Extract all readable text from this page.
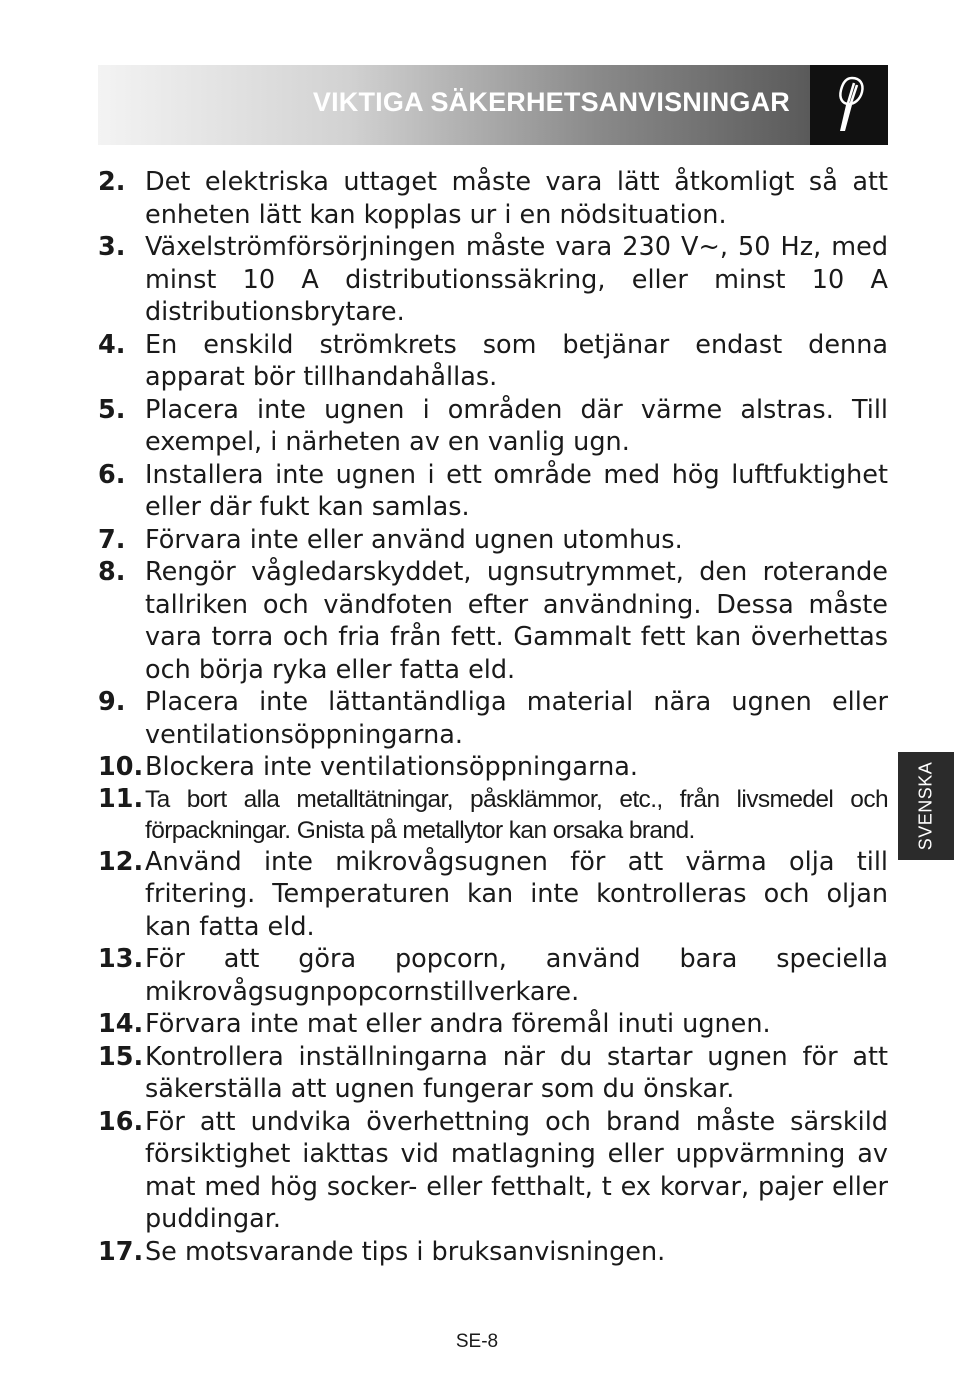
VIKTIGA SÄKERHETSANVISNINGAR
2. Det elektriska uttaget måste vara lätt åtkomligt så att enheten lätt kan kopplas ur i en nödsituation.
3. Växelströmförsörjningen måste vara 230 V~, 50 Hz, med minst 10 A distributionssäkring, eller minst 10 A distributionsbrytare.
4. En enskild strömkrets som betjänar endast denna apparat bör tillhandahållas.
5. Placera inte ugnen i områden där värme alstras. Till exempel, i närheten av en vanlig ugn.
6. Installera inte ugnen i ett område med hög luftfuktighet eller där fukt kan samlas.
7. Förvara inte eller använd ugnen utomhus.
8. Rengör vågledarskyddet, ugnsutrymmet, den roterande tallriken och vändfoten efter användning. Dessa måste vara torra och fria från fett. Gammalt fett kan överhettas och börja ryka eller fatta eld.
9. Placera inte lättantändliga material nära ugnen eller ventilationsöppningarna.
10. Blockera inte ventilationsöppningarna.
11. Ta bort alla metalltätningar, påsklämmor, etc., från livsmedel och förpackningar. Gnista på metallytor kan orsaka brand.
12. Använd inte mikrovågsugnen för att värma olja till fritering. Temperaturen kan inte kontrolleras och oljan kan fatta eld.
13. För att göra popcorn, använd bara speciella mikrovågsugnpopcornstillverkare.
14. Förvara inte mat eller andra föremål inuti ugnen.
15. Kontrollera inställningarna när du startar ugnen för att säkerställa att ugnen fungerar som du önskar.
16. För att undvika överhettning och brand måste särskild försiktighet iakttas vid matlagning eller uppvärmning av mat med hög socker- eller fetthalt, t ex korvar, pajer eller puddingar.
17. Se motsvarande tips i bruksanvisningen.
SVENSKA
SE-8
